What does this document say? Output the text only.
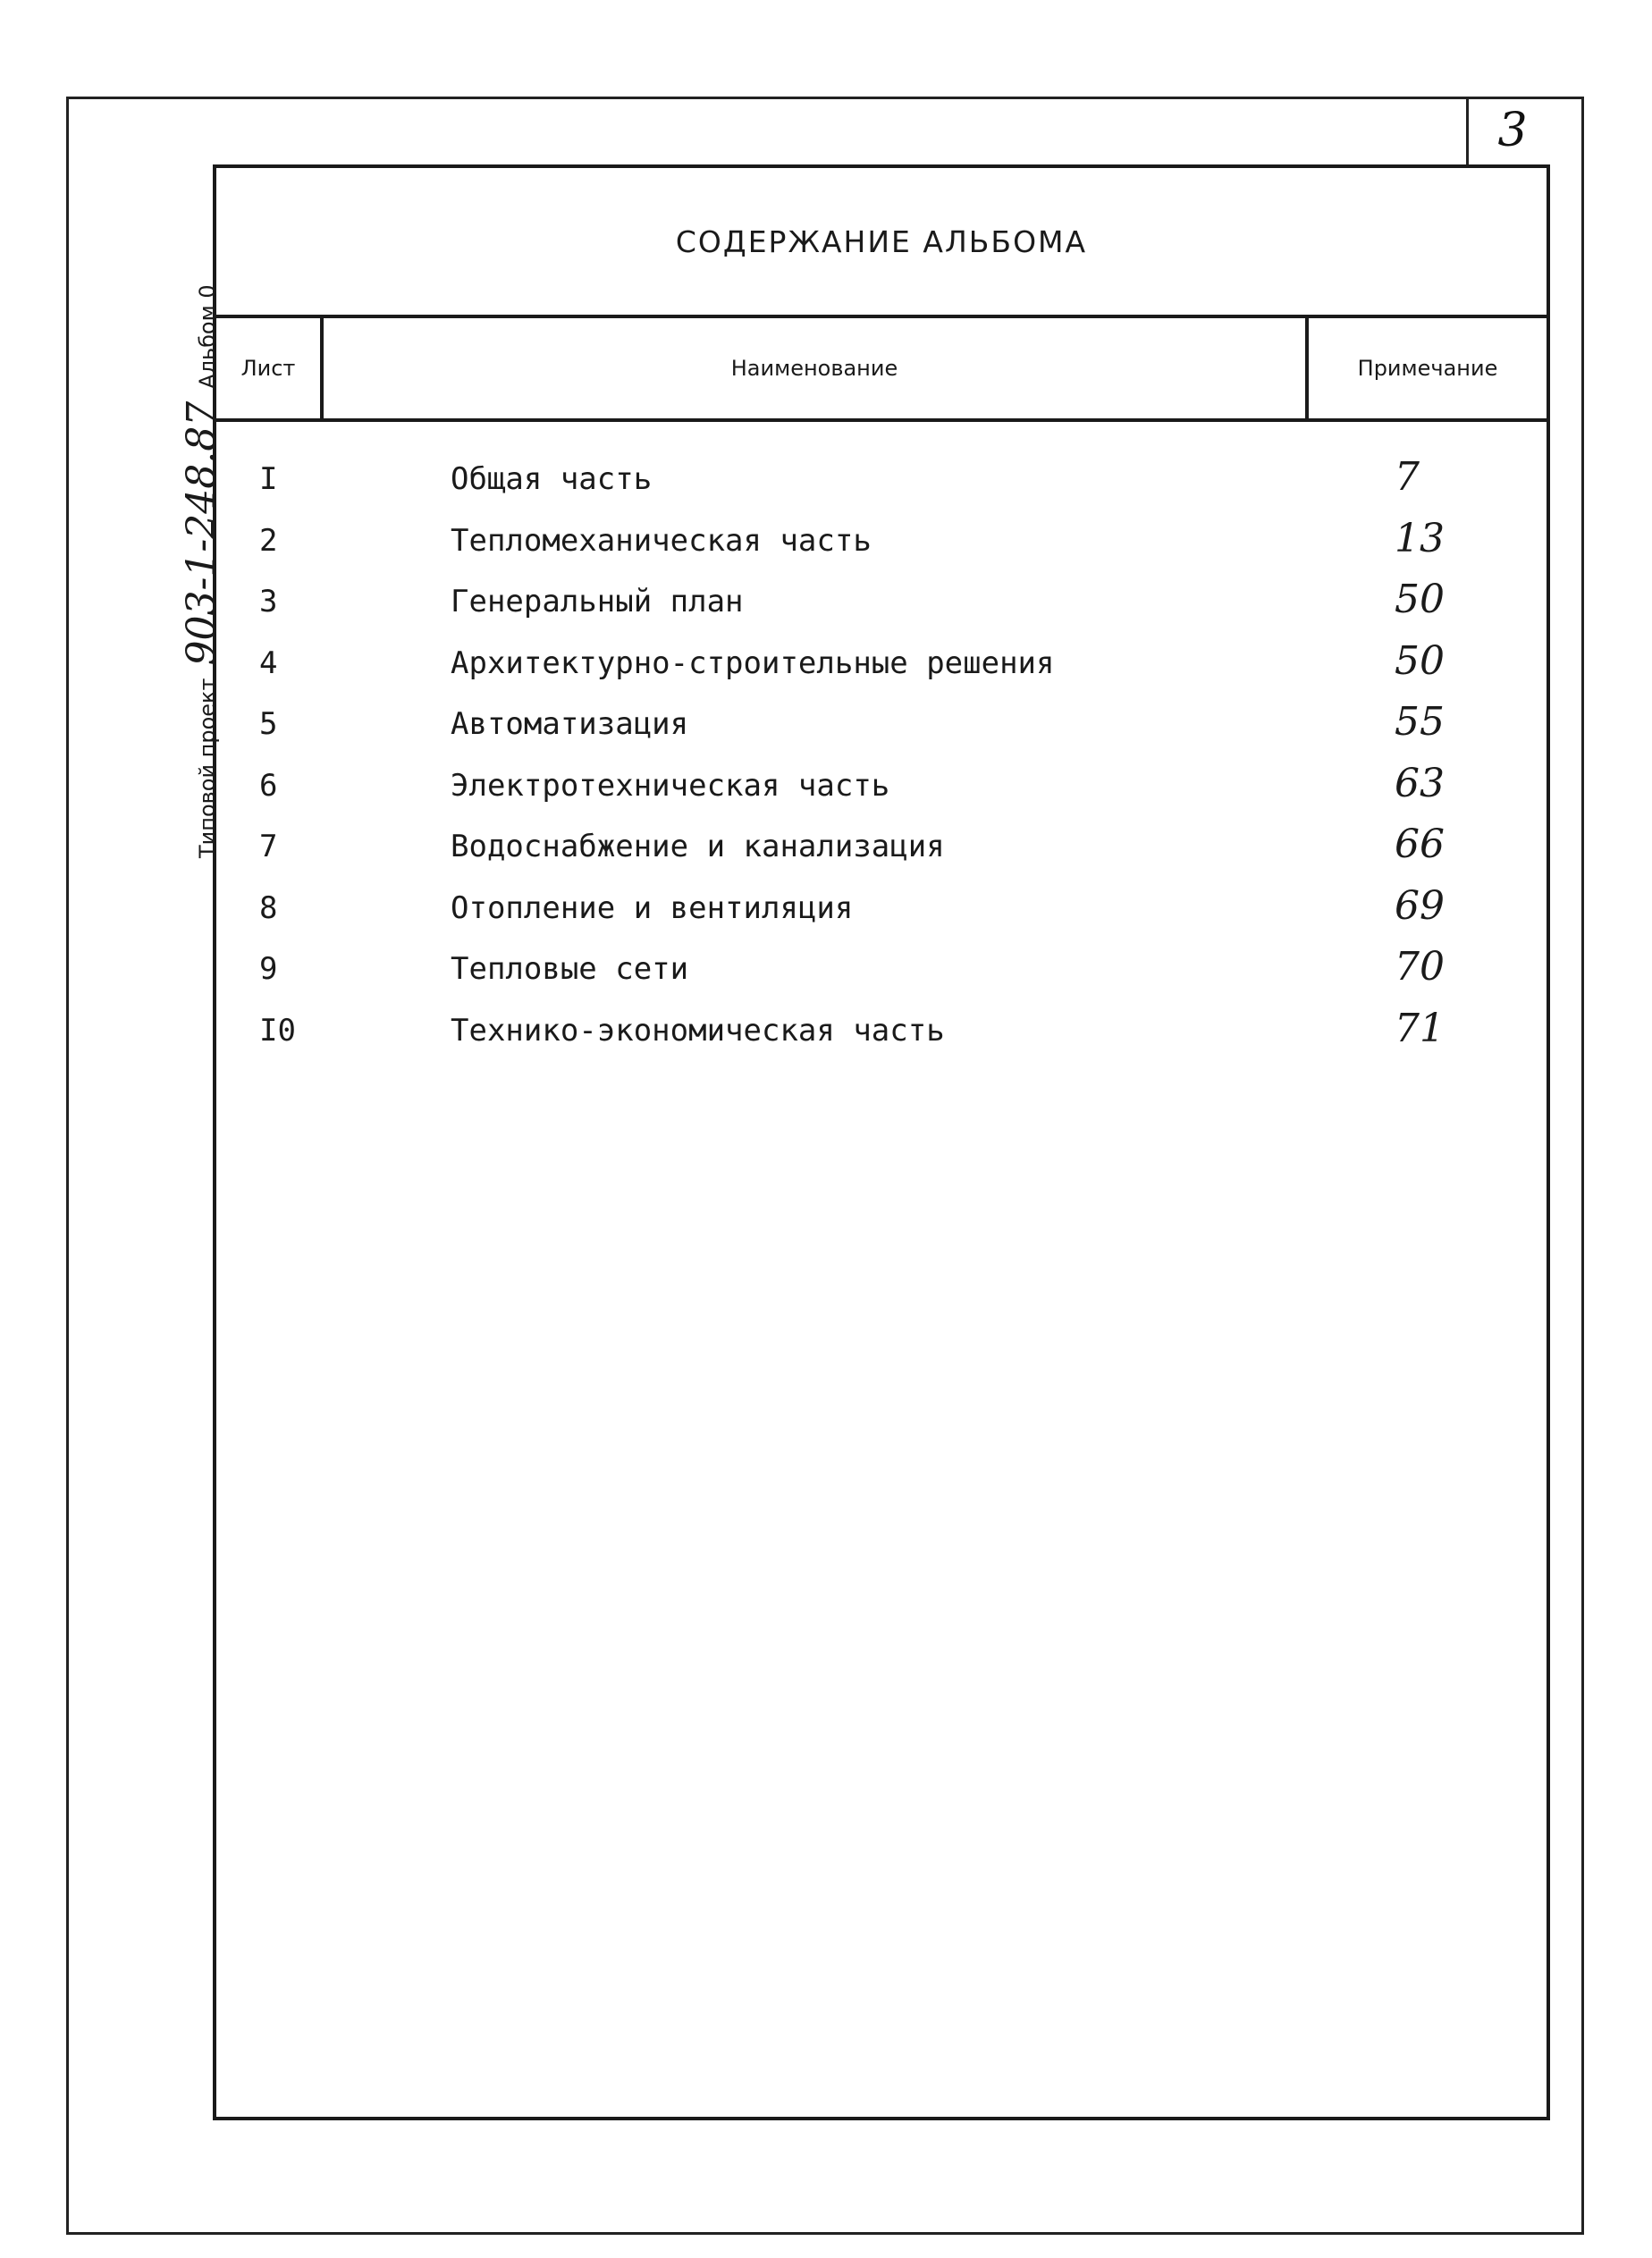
3
Типовой проект
903-1-248.87
Альбом 0
СОДЕРЖАНИЕ АЛЬБОМА
Лист	Наименование	Примечание
I	Общая часть	7
2	Тепломеханическая часть	13
3	Генеральный план	50
4	Архитектурно-строительные решения	50
5	Автоматизация	55
6	Электротехническая часть	63
7	Водоснабжение и канализация	66
8	Отопление и вентиляция	69
9	Тепловые сети	70
I0	Технико-экономическая часть	71
